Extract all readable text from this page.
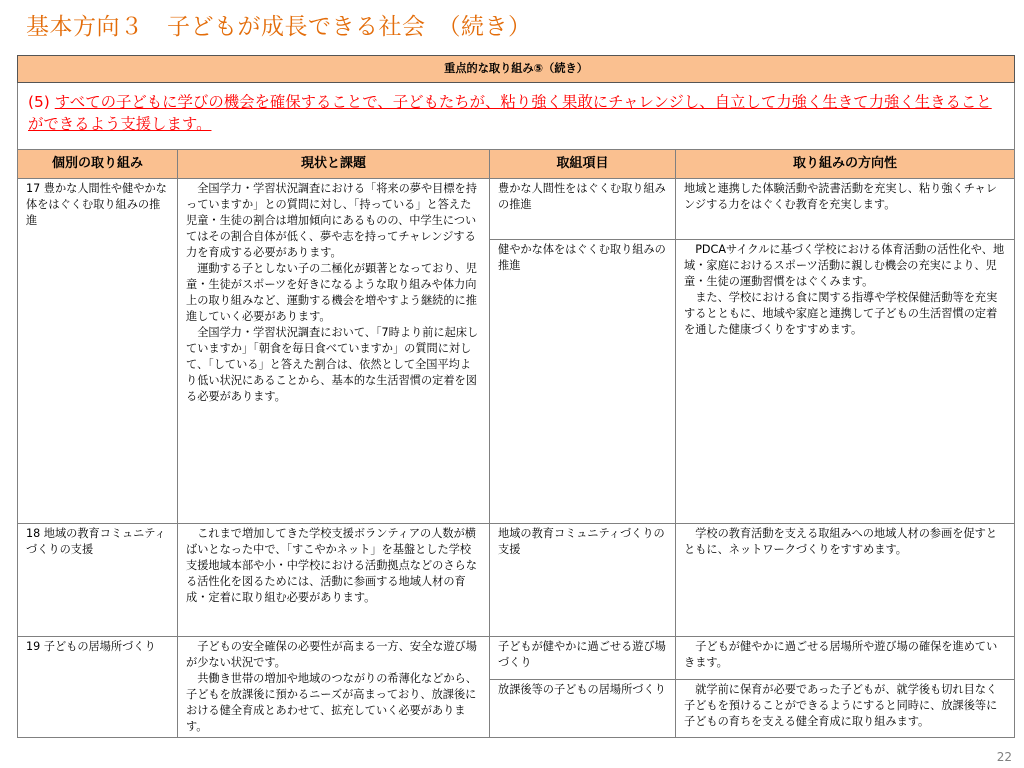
基本方向３　子どもが成長できる社会　（続き）
重点的な取り組み⑤（続き）			
(5) すべての子どもに学びの機会を確保することで、子どもたちが、粘り強く果敢にチャレンジし、自立して力強く生きて力強く生きることができるよう支援します。			
個別の取り組み	現状と課題	取組項目	取り組みの方向性
17 豊かな人間性や健やかな体をはぐくむ取り組みの推進	全国学力・学習状況調査における「将来の夢や目標を持っていますか」との質問に対し、「持っている」と答えた児童・生徒の割合は増加傾向にあるものの、中学生についてはその割合自体が低く、夢や志を持ってチャレンジする力を育成する必要があります。

運動する子としない子の二極化が顕著となっており、児童・生徒がスポーツを好きになるような取り組みや体力向上の取り組みなど、運動する機会を増やすよう継続的に推進していく必要があります。

全国学力・学習状況調査において、「7時より前に起床していますか」「朝食を毎日食べていますか」の質問に対して、「している」と答えた割合は、依然として全国平均より低い状況にあることから、基本的な生活習慣の定着を図る必要があります。	豊かな人間性をはぐくむ取り組みの推進	地域と連携した体験活動や読書活動を充実し、粘り強くチャレンジする力をはぐくむ教育を充実します。

		健やかな体をはぐくむ取り組みの推進	PDCAサイクルに基づく学校における体育活動の活性化や、地域・家庭におけるスポーツ活動に親しむ機会の充実により、児童・生徒の運動習慣をはぐくみます。

また、学校における食に関する指導や学校保健活動等を充実するとともに、地域や家庭と連携して子どもの生活習慣の定着を通した健康づくりをすすめます。

18 地域の教育コミュニティづくりの支援	これまで増加してきた学校支援ボランティアの人数が横ばいとなった中で、「すこやかネット」を基盤とした学校支援地域本部や小・中学校における活動拠点などのさらなる活性化を図るためには、活動に参画する地域人材の育成・定着に取り組む必要があります。	地域の教育コミュニティづくりの支援	学校の教育活動を支える取組みへの地域人材の参画を促すとともに、ネットワークづくりをすすめます。

19 子どもの居場所づくり	子どもの安全確保の必要性が高まる一方、安全な遊び場が少ない状況です。

共働き世帯の増加や地域のつながりの希薄化などから、子どもを放課後に預かるニーズが高まっており、放課後における健全育成とあわせて、拡充していく必要があります。	子どもが健やかに過ごせる遊び場づくり	子どもが健やかに過ごせる居場所や遊び場の確保を進めていきます。

		放課後等の子どもの居場所づくり	就学前に保育が必要であった子どもが、就学後も切れ目なく子どもを預けることができるようにすると同時に、放課後等に子どもの育ちを支える健全育成に取り組みます。

22
